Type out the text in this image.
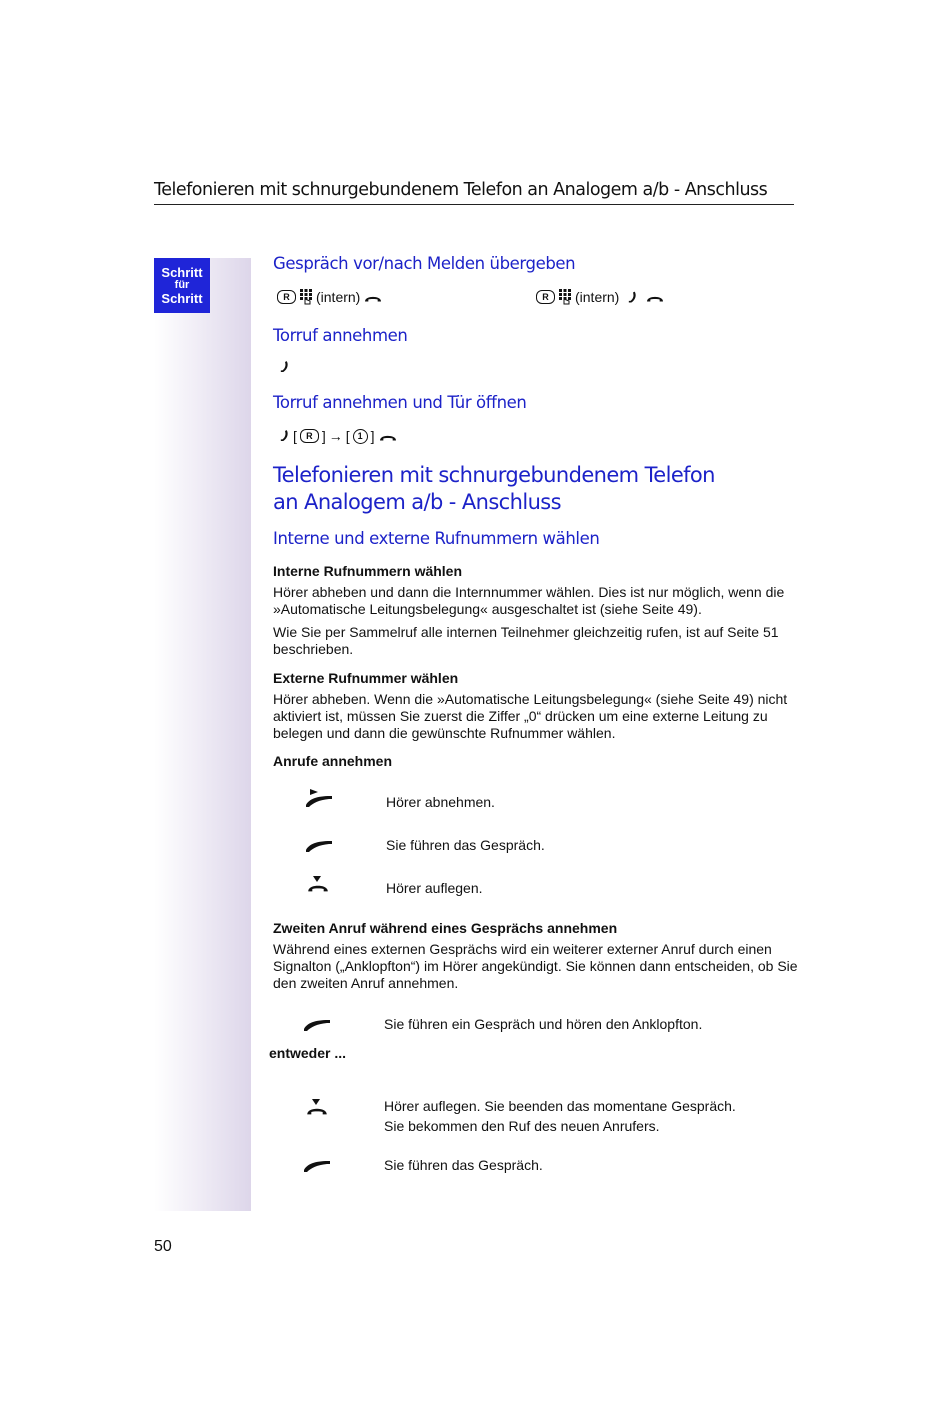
Telefonieren mit schnurgebundenem Telefon an Analogem a/b - Anschluss
Schritt
für
Schritt
Gespräch vor/nach Melden übergeben
R	(intern)	R	(intern)
Torruf annehmen
Torruf annehmen und Tür öffnen
[	R ] → [ 1 ]
Telefonieren mit schnurgebundenem Telefon
an Analogem a/b - Anschluss
Interne und externe Rufnummern wählen
Interne Rufnummern wählen
Hörer abheben und dann die Internnummer wählen. Dies ist nur möglich, wenn die »Automatische Leitungsbelegung« ausgeschaltet ist (siehe Seite 49).
Wie Sie per Sammelruf alle internen Teilnehmer gleichzeitig rufen, ist auf Seite 51 beschrieben.
Externe Rufnummer wählen
Hörer abheben. Wenn die »Automatische Leitungsbelegung« (siehe Seite 49) nicht aktiviert ist, müssen Sie zuerst die Ziffer „0“ drücken um eine externe Leitung zu belegen und dann die gewünschte Rufnummer wählen.
Anrufe annehmen
Hörer abnehmen.
Sie führen das Gespräch.
Hörer auflegen.
Zweiten Anruf während eines Gesprächs annehmen
Während eines externen Gesprächs wird ein weiterer externer Anruf durch einen Signalton („Anklopfton“) im Hörer angekündigt. Sie können dann entscheiden, ob Sie den zweiten Anruf annehmen.
Sie führen ein Gespräch und hören den Anklopfton.
entweder ...
Hörer auflegen. Sie beenden das momentane Gespräch.
Sie bekommen den Ruf des neuen Anrufers.
Sie führen das Gespräch.
50
